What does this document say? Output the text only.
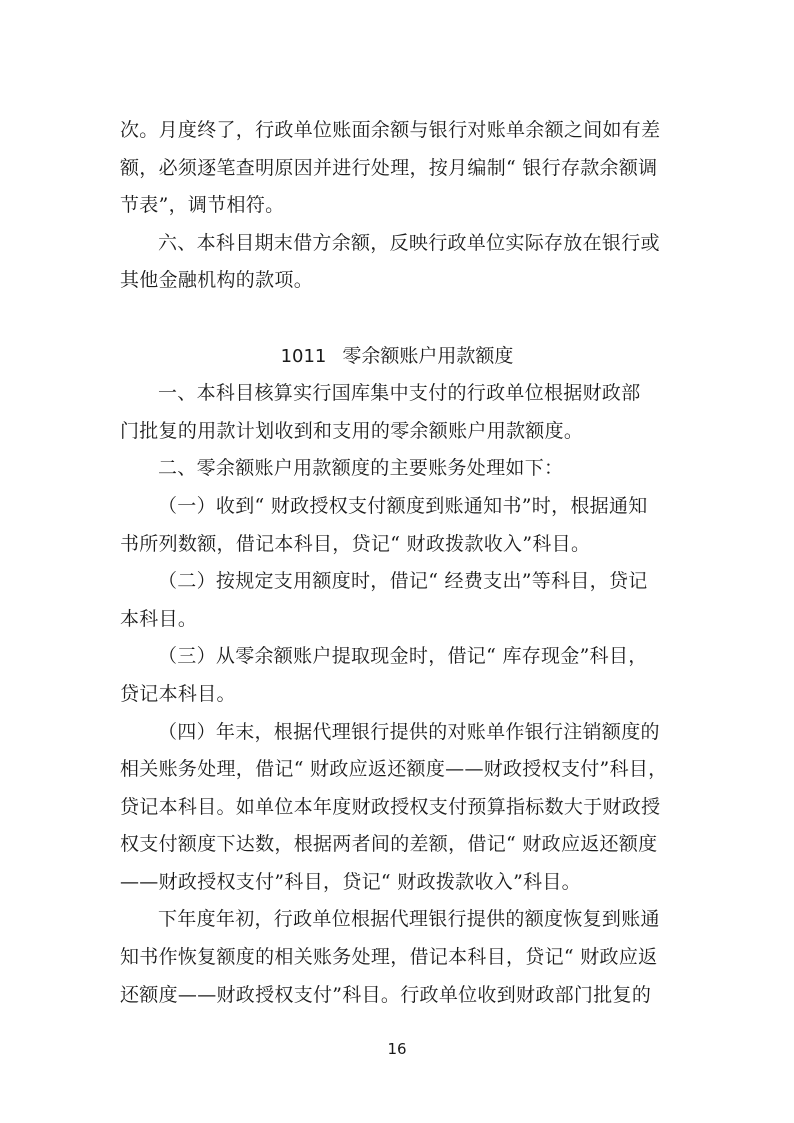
次。月度终了，行政单位账面余额与银行对账单余额之间如有差
额，必须逐笔查明原因并进行处理，按月编制“ 银行存款余额调
节表”，调节相符。
六、本科目期末借方余额，反映行政单位实际存放在银行或
其他金融机构的款项。
1011 零余额账户用款额度
一、本科目核算实行国库集中支付的行政单位根据财政部
门批复的用款计划收到和支用的零余额账户用款额度。
二、零余额账户用款额度的主要账务处理如下：
（一）收到“ 财政授权支付额度到账通知书”时，根据通知
书所列数额，借记本科目，贷记“ 财政拨款收入”科目。
（二）按规定支用额度时，借记“ 经费支出”等科目，贷记
本科目。
（三）从零余额账户提取现金时，借记“ 库存现金”科目，
贷记本科目。
（四）年末，根据代理银行提供的对账单作银行注销额度的
相关账务处理，借记“ 财政应返还额度——财政授权支付”科目，
贷记本科目。如单位本年度财政授权支付预算指标数大于财政授
权支付额度下达数，根据两者间的差额，借记“ 财政应返还额度
——财政授权支付”科目，贷记“ 财政拨款收入”科目。
下年度年初，行政单位根据代理银行提供的额度恢复到账通
知书作恢复额度的相关账务处理，借记本科目，贷记“ 财政应返
还额度——财政授权支付”科目。行政单位收到财政部门批复的
16
